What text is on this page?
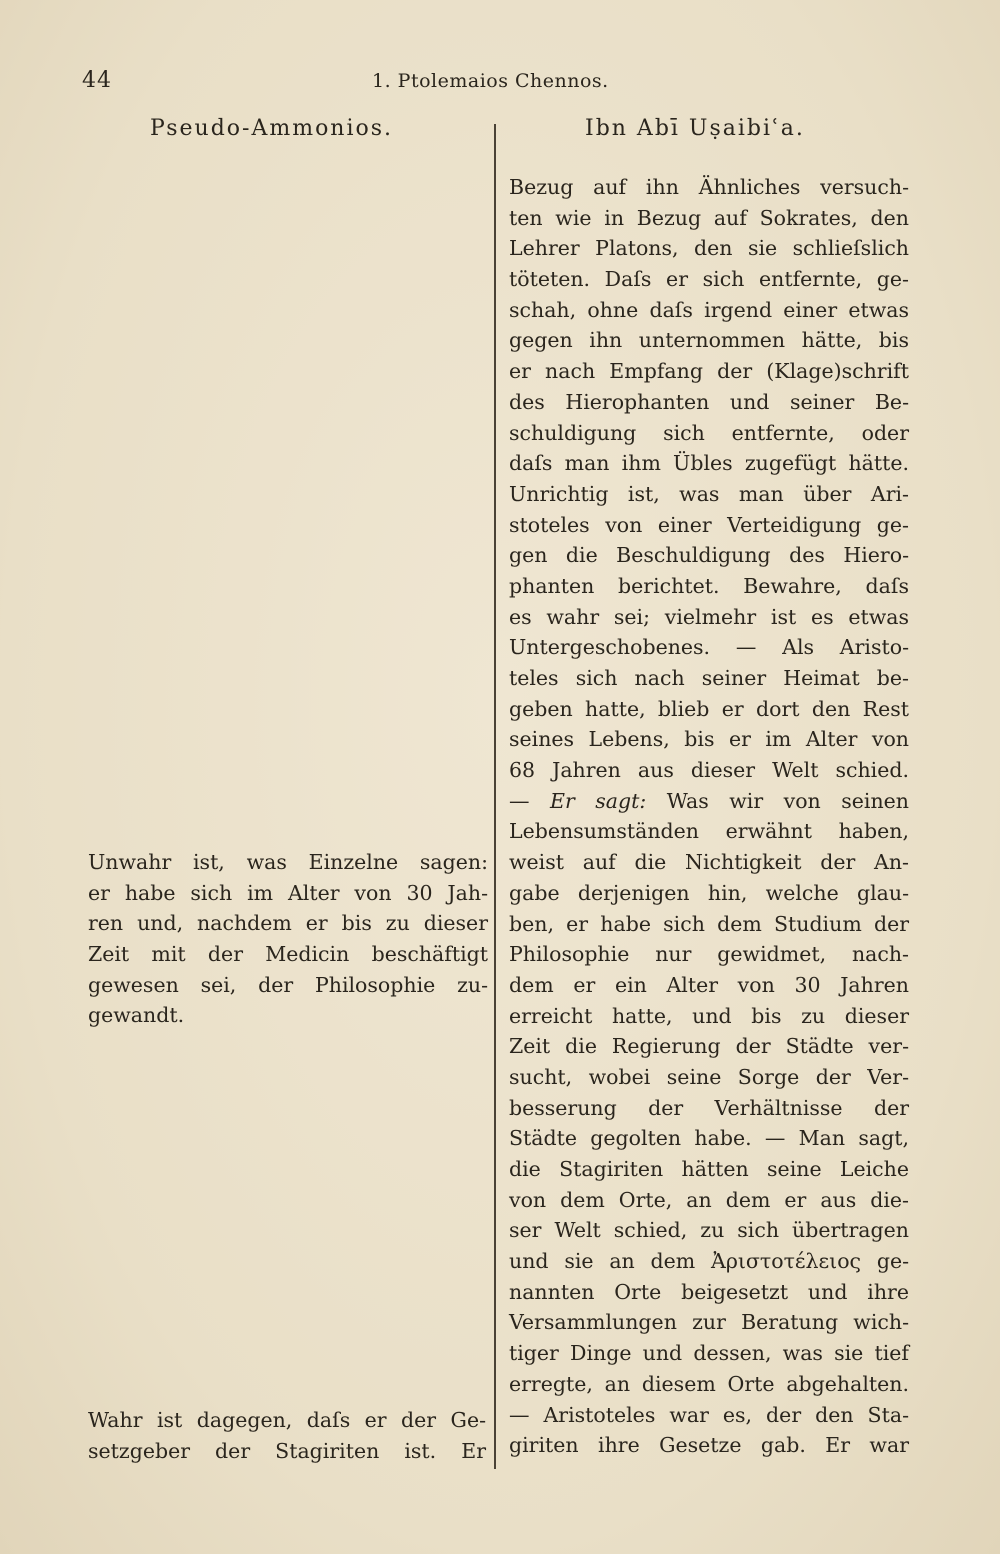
44	1. Ptolemaios Chennos.
Pseudo-Ammonios.	Ibn Abī Uṣaibiʿa.
Bezug auf ihn Ähnliches versuch-
ten wie in Bezug auf Sokrates, den
Lehrer Platons, den sie schlieſslich
töteten. Daſs er sich entfernte, ge-
schah, ohne daſs irgend einer etwas
gegen ihn unternommen hätte, bis
er nach Empfang der (Klage)schrift
des Hierophanten und seiner Be-
schuldigung sich entfernte, oder
daſs man ihm Übles zugefügt hätte.
Unrichtig ist, was man über Ari-
stoteles von einer Verteidigung ge-
gen die Beschuldigung des Hiero-
phanten berichtet. Bewahre, daſs
es wahr sei; vielmehr ist es etwas
Untergeschobenes. — Als Aristo-
teles sich nach seiner Heimat be-
geben hatte, blieb er dort den Rest
seines Lebens, bis er im Alter von
68 Jahren aus dieser Welt schied.
— Er sagt: Was wir von seinen
Lebensumständen erwähnt haben,
weist auf die Nichtigkeit der An-
gabe derjenigen hin, welche glau-
ben, er habe sich dem Studium der
Philosophie nur gewidmet, nach-
dem er ein Alter von 30 Jahren
erreicht hatte, und bis zu dieser
Zeit die Regierung der Städte ver-
sucht, wobei seine Sorge der Ver-
besserung der Verhältnisse der
Städte gegolten habe. — Man sagt,
die Stagiriten hätten seine Leiche
von dem Orte, an dem er aus die-
ser Welt schied, zu sich übertragen
und sie an dem Ἀριστοτέλειος ge-
nannten Orte beigesetzt und ihre
Versammlungen zur Beratung wich-
tiger Dinge und dessen, was sie tief
erregte, an diesem Orte abgehalten.
— Aristoteles war es, der den Sta-
giriten ihre Gesetze gab. Er war
Unwahr ist, was Einzelne sagen:
er habe sich im Alter von 30 Jah-
ren und, nachdem er bis zu dieser
Zeit mit der Medicin beschäftigt
gewesen sei, der Philosophie zu-
gewandt.
Wahr ist dagegen, daſs er der Ge-
setzgeber der Stagiriten ist. Er
